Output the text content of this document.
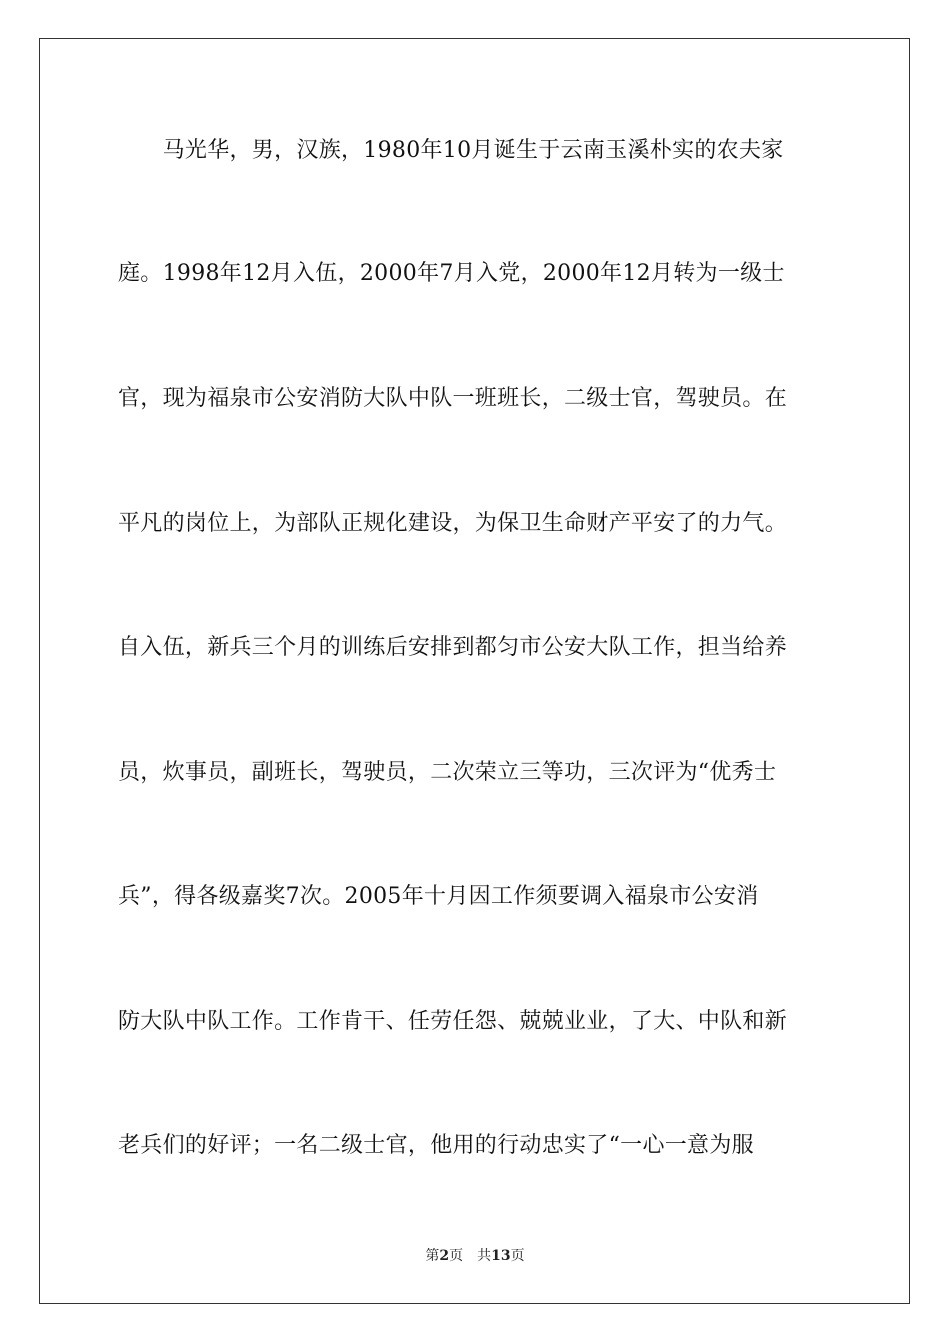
　　马光华，男，汉族，1980年10月诞生于云南玉溪朴实的农夫家
庭。1998年12月入伍，2000年7月入党，2000年12月转为一级士
官，现为福泉市公安消防大队中队一班班长，二级士官，驾驶员。在
平凡的岗位上，为部队正规化建设，为保卫生命财产平安了的力气。
自入伍，新兵三个月的训练后安排到都匀市公安大队工作，担当给养
员，炊事员，副班长，驾驶员，二次荣立三等功，三次评为“优秀士
兵”，得各级嘉奖7次。2005年十月因工作须要调入福泉市公安消
防大队中队工作。工作肯干、任劳任怨、兢兢业业，了大、中队和新
老兵们的好评；一名二级士官，他用的行动忠实了“一心一意为服
第2页 共13页
